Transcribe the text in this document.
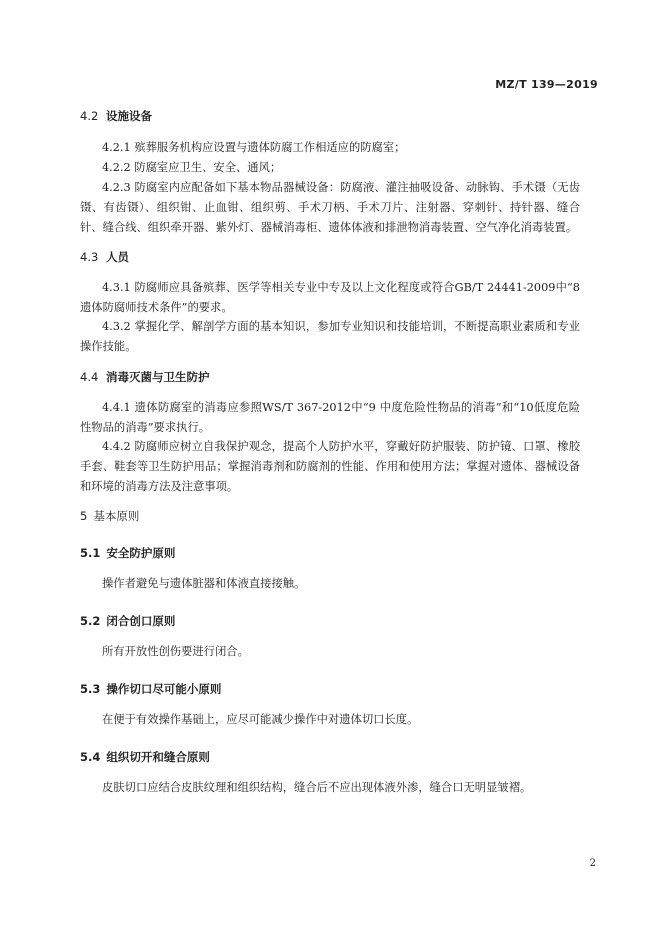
MZ/T 139—2019
4.2 设施设备
4.2.1 殡葬服务机构应设置与遗体防腐工作相适应的防腐室；
4.2.2 防腐室应卫生、安全、通风；
4.2.3 防腐室内应配备如下基本物品器械设备：防腐液、灌注抽吸设备、动脉钩、手术镊（无齿镊、有齿镊）、组织钳、止血钳、组织剪、手术刀柄、手术刀片、注射器、穿刺针、持针器、缝合针、缝合线、组织牵开器、紫外灯、器械消毒柜、遗体体液和排泄物消毒装置、空气净化消毒装置。
4.3 人员
4.3.1 防腐师应具备殡葬、医学等相关专业中专及以上文化程度或符合GB/T 24441-2009中“8 遗体防腐师技术条件”的要求。
4.3.2 掌握化学、解剖学方面的基本知识，参加专业知识和技能培训，不断提高职业素质和专业操作技能。
4.4 消毒灭菌与卫生防护
4.4.1 遗体防腐室的消毒应参照WS/T 367-2012中“9 中度危险性物品的消毒”和“10低度危险性物品的消毒”要求执行。
4.4.2 防腐师应树立自我保护观念，提高个人防护水平，穿戴好防护服装、防护镜、口罩、橡胶手套、鞋套等卫生防护用品；掌握消毒剂和防腐剂的性能、作用和使用方法；掌握对遗体、器械设备和环境的消毒方法及注意事项。
5 基本原则
5.1 安全防护原则
操作者避免与遗体脏器和体液直接接触。
5.2 闭合创口原则
所有开放性创伤要进行闭合。
5.3 操作切口尽可能小原则
在便于有效操作基础上，应尽可能减少操作中对遗体切口长度。
5.4 组织切开和缝合原则
皮肤切口应结合皮肤纹理和组织结构，缝合后不应出现体液外渗，缝合口无明显皱褶。
2
